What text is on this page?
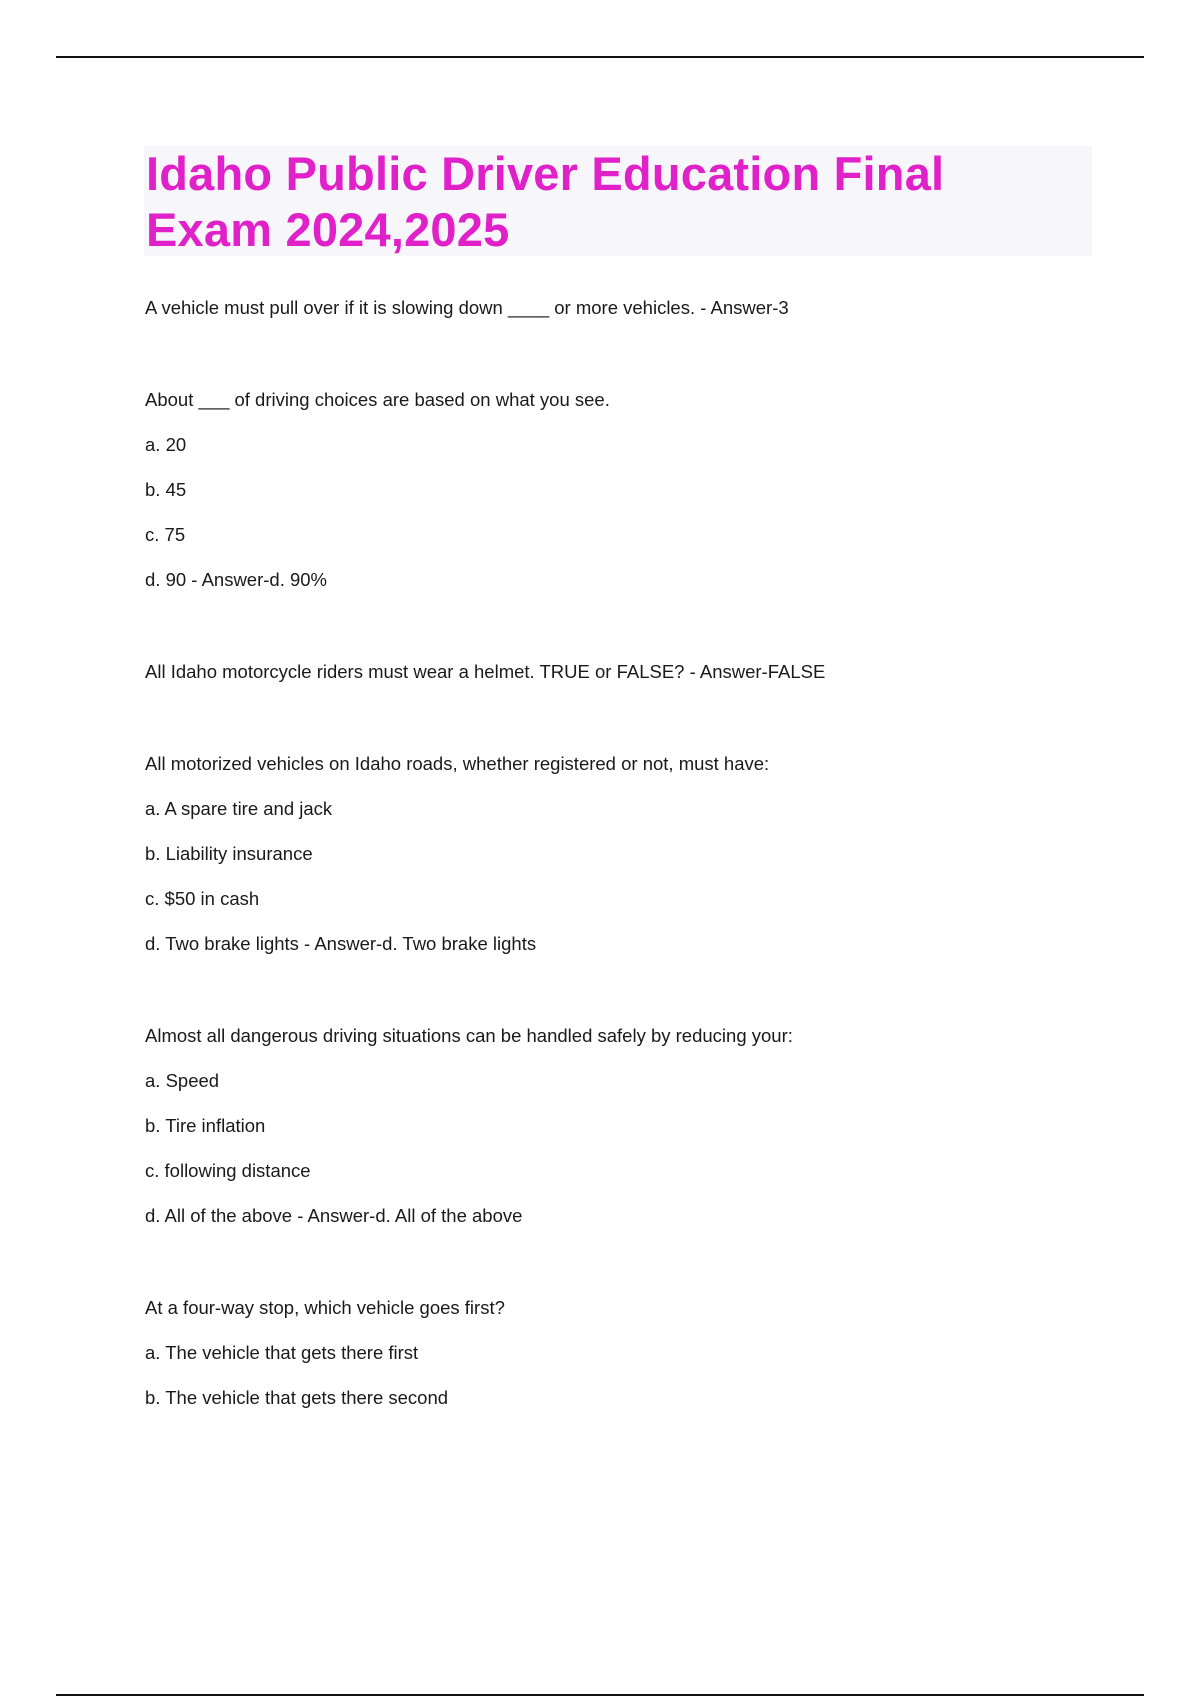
Idaho Public Driver Education Final
Exam 2024,2025

A vehicle must pull over if it is slowing down ____ or more vehicles. - Answer-3

About ___ of driving choices are based on what you see.

a. 20

b. 45

c. 75

d. 90 - Answer-d. 90%

All Idaho motorcycle riders must wear a helmet. TRUE or FALSE? - Answer-FALSE

All motorized vehicles on Idaho roads, whether registered or not, must have:

a. A spare tire and jack

b. Liability insurance

c. $50 in cash

d. Two brake lights - Answer-d. Two brake lights

Almost all dangerous driving situations can be handled safely by reducing your:

a. Speed

b. Tire inflation

c. following distance

d. All of the above - Answer-d. All of the above

At a four-way stop, which vehicle goes first?

a. The vehicle that gets there first

b. The vehicle that gets there second
